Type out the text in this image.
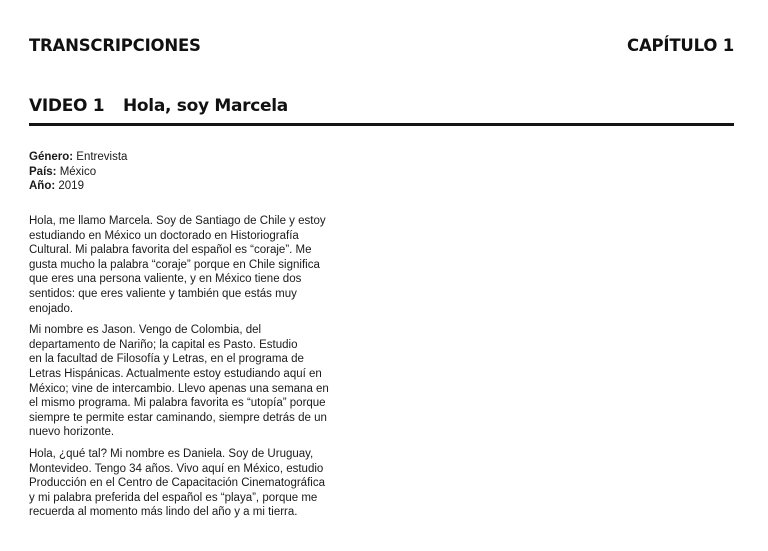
TRANSCRIPCIONES	CAPÍTULO 1
VIDEO 1	Hola, soy Marcela
Género: Entrevista
País: México
Año: 2019

Hola, me llamo Marcela. Soy de Santiago de Chile y estoy
estudiando en México un doctorado en Historiografía
Cultural. Mi palabra favorita del español es “coraje”. Me
gusta mucho la palabra “coraje” porque en Chile significa
que eres una persona valiente, y en México tiene dos
sentidos: que eres valiente y también que estás muy
enojado.

Mi nombre es Jason. Vengo de Colombia, del
departamento de Nariño; la capital es Pasto. Estudio
en la facultad de Filosofía y Letras, en el programa de
Letras Hispánicas. Actualmente estoy estudiando aquí en
México; vine de intercambio. Llevo apenas una semana en
el mismo programa. Mi palabra favorita es “utopía” porque
siempre te permite estar caminando, siempre detrás de un
nuevo horizonte.

Hola, ¿qué tal? Mi nombre es Daniela. Soy de Uruguay,
Montevideo. Tengo 34 años. Vivo aquí en México, estudio
Producción en el Centro de Capacitación Cinematográfica
y mi palabra preferida del español es “playa”, porque me
recuerda al momento más lindo del año y a mi tierra.
